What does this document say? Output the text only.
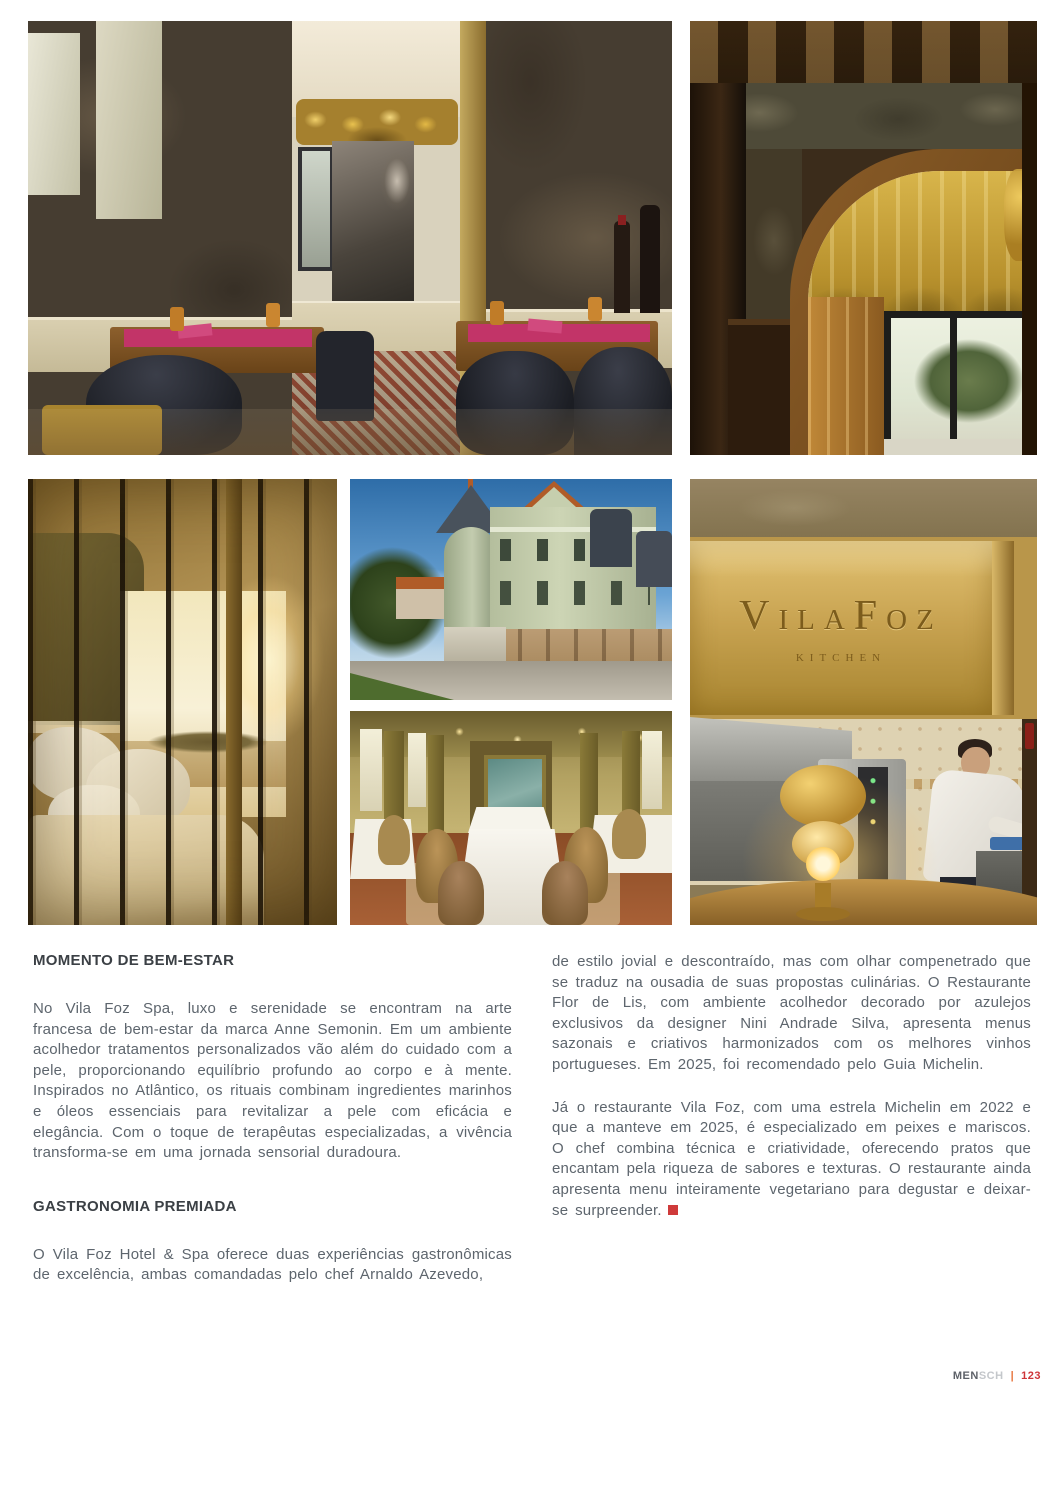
VilaFoz
KITCHEN
MOMENTO DE BEM-ESTAR

No Vila Foz Spa, luxo e serenidade se encontram na arte francesa de bem-estar da marca Anne Semonin. Em um ambiente acolhedor tratamentos personalizados vão além do cuidado com a pele, proporcionando equilíbrio profundo ao corpo e à mente. Inspirados no Atlântico, os rituais combinam ingredientes marinhos e óleos essenciais para revitalizar a pele com eficácia e elegância. Com o toque de terapêutas especializadas, a vivência transforma-se em uma jornada sensorial duradoura.

GASTRONOMIA PREMIADA

O Vila Foz Hotel & Spa oferece duas experiências gastronômicas de excelência, ambas comandadas pelo chef Arnaldo Azevedo,

de estilo jovial e descontraído, mas com olhar compenetrado que se traduz na ousadia de suas propostas culinárias. O Restaurante Flor de Lis, com ambiente acolhedor decorado por azulejos exclusivos da designer Nini Andrade Silva, apresenta menus sazonais e criativos harmonizados com os melhores vinhos portugueses. Em 2025, foi recomendado pelo Guia Michelin.

Já o restaurante Vila Foz, com uma estrela Michelin em 2022 e que a manteve em 2025, é especializado em peixes e mariscos. O chef combina técnica e criatividade, oferecendo pratos que encantam pela riqueza de sabores e texturas. O restaurante ainda apresenta menu inteiramente vegetariano para degustar e deixar-se surpreender.

MENSCH | 123
